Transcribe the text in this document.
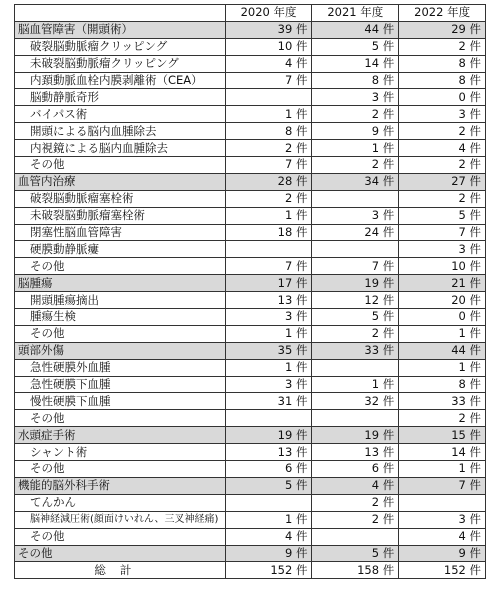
	2020 年度	2021 年度	2022 年度
脳血管障害（開頭術）	39 件	44 件	29 件
破裂脳動脈瘤クリッピング	10 件	5 件	2 件
未破裂脳動脈瘤クリッピング	4 件	14 件	8 件
内頚動脈血栓内膜剥離術（CEA）	7 件	8 件	8 件
脳動静脈奇形		3 件	0 件
バイパス術	1 件	2 件	3 件
開頭による脳内血腫除去	8 件	9 件	2 件
内視鏡による脳内血腫除去	2 件	1 件	4 件
その他	7 件	2 件	2 件
血管内治療	28 件	34 件	27 件
破裂脳動脈瘤塞栓術	2 件		2 件
未破裂脳動脈瘤塞栓術	1 件	3 件	5 件
閉塞性脳血管障害	18 件	24 件	7 件
硬膜動静脈瘻			3 件
その他	7 件	7 件	10 件
脳腫瘍	17 件	19 件	21 件
開頭腫瘍摘出	13 件	12 件	20 件
腫瘍生検	3 件	5 件	0 件
その他	1 件	2 件	1 件
頭部外傷	35 件	33 件	44 件
急性硬膜外血腫	1 件		1 件
急性硬膜下血腫	3 件	1 件	8 件
慢性硬膜下血腫	31 件	32 件	33 件
その他			2 件
水頭症手術	19 件	19 件	15 件
シャント術	13 件	13 件	14 件
その他	6 件	6 件	1 件
機能的脳外科手術	5 件	4 件	7 件
てんかん		2 件	
脳神経減圧術(顔面けいれん、三叉神経痛)	1 件	2 件	3 件
その他	4 件		4 件
その他	9 件	5 件	9 件
総計	152 件	158 件	152 件
